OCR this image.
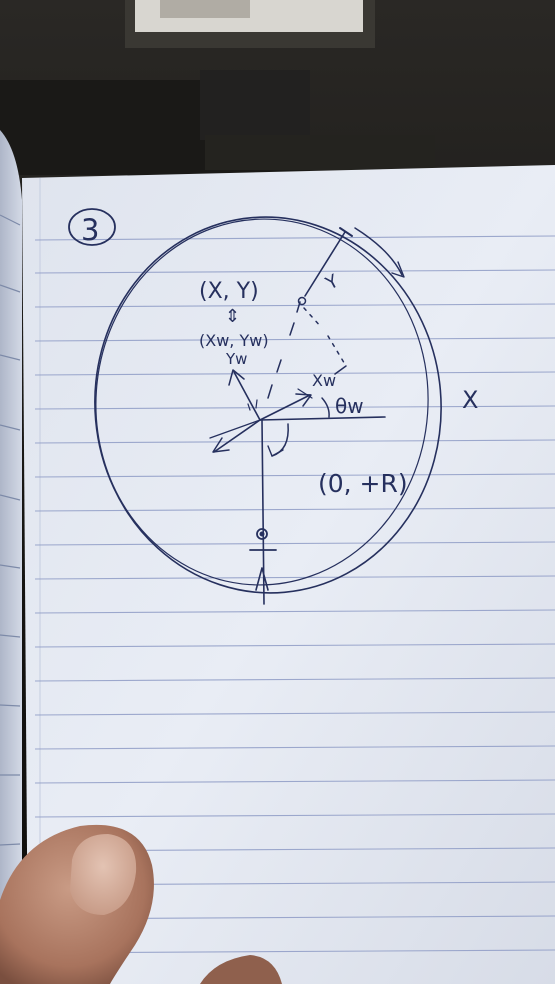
3
(X, Y)
⇕
(Xw, Yw)
Yw
Xw
θw
Y
X
(0, +R)
